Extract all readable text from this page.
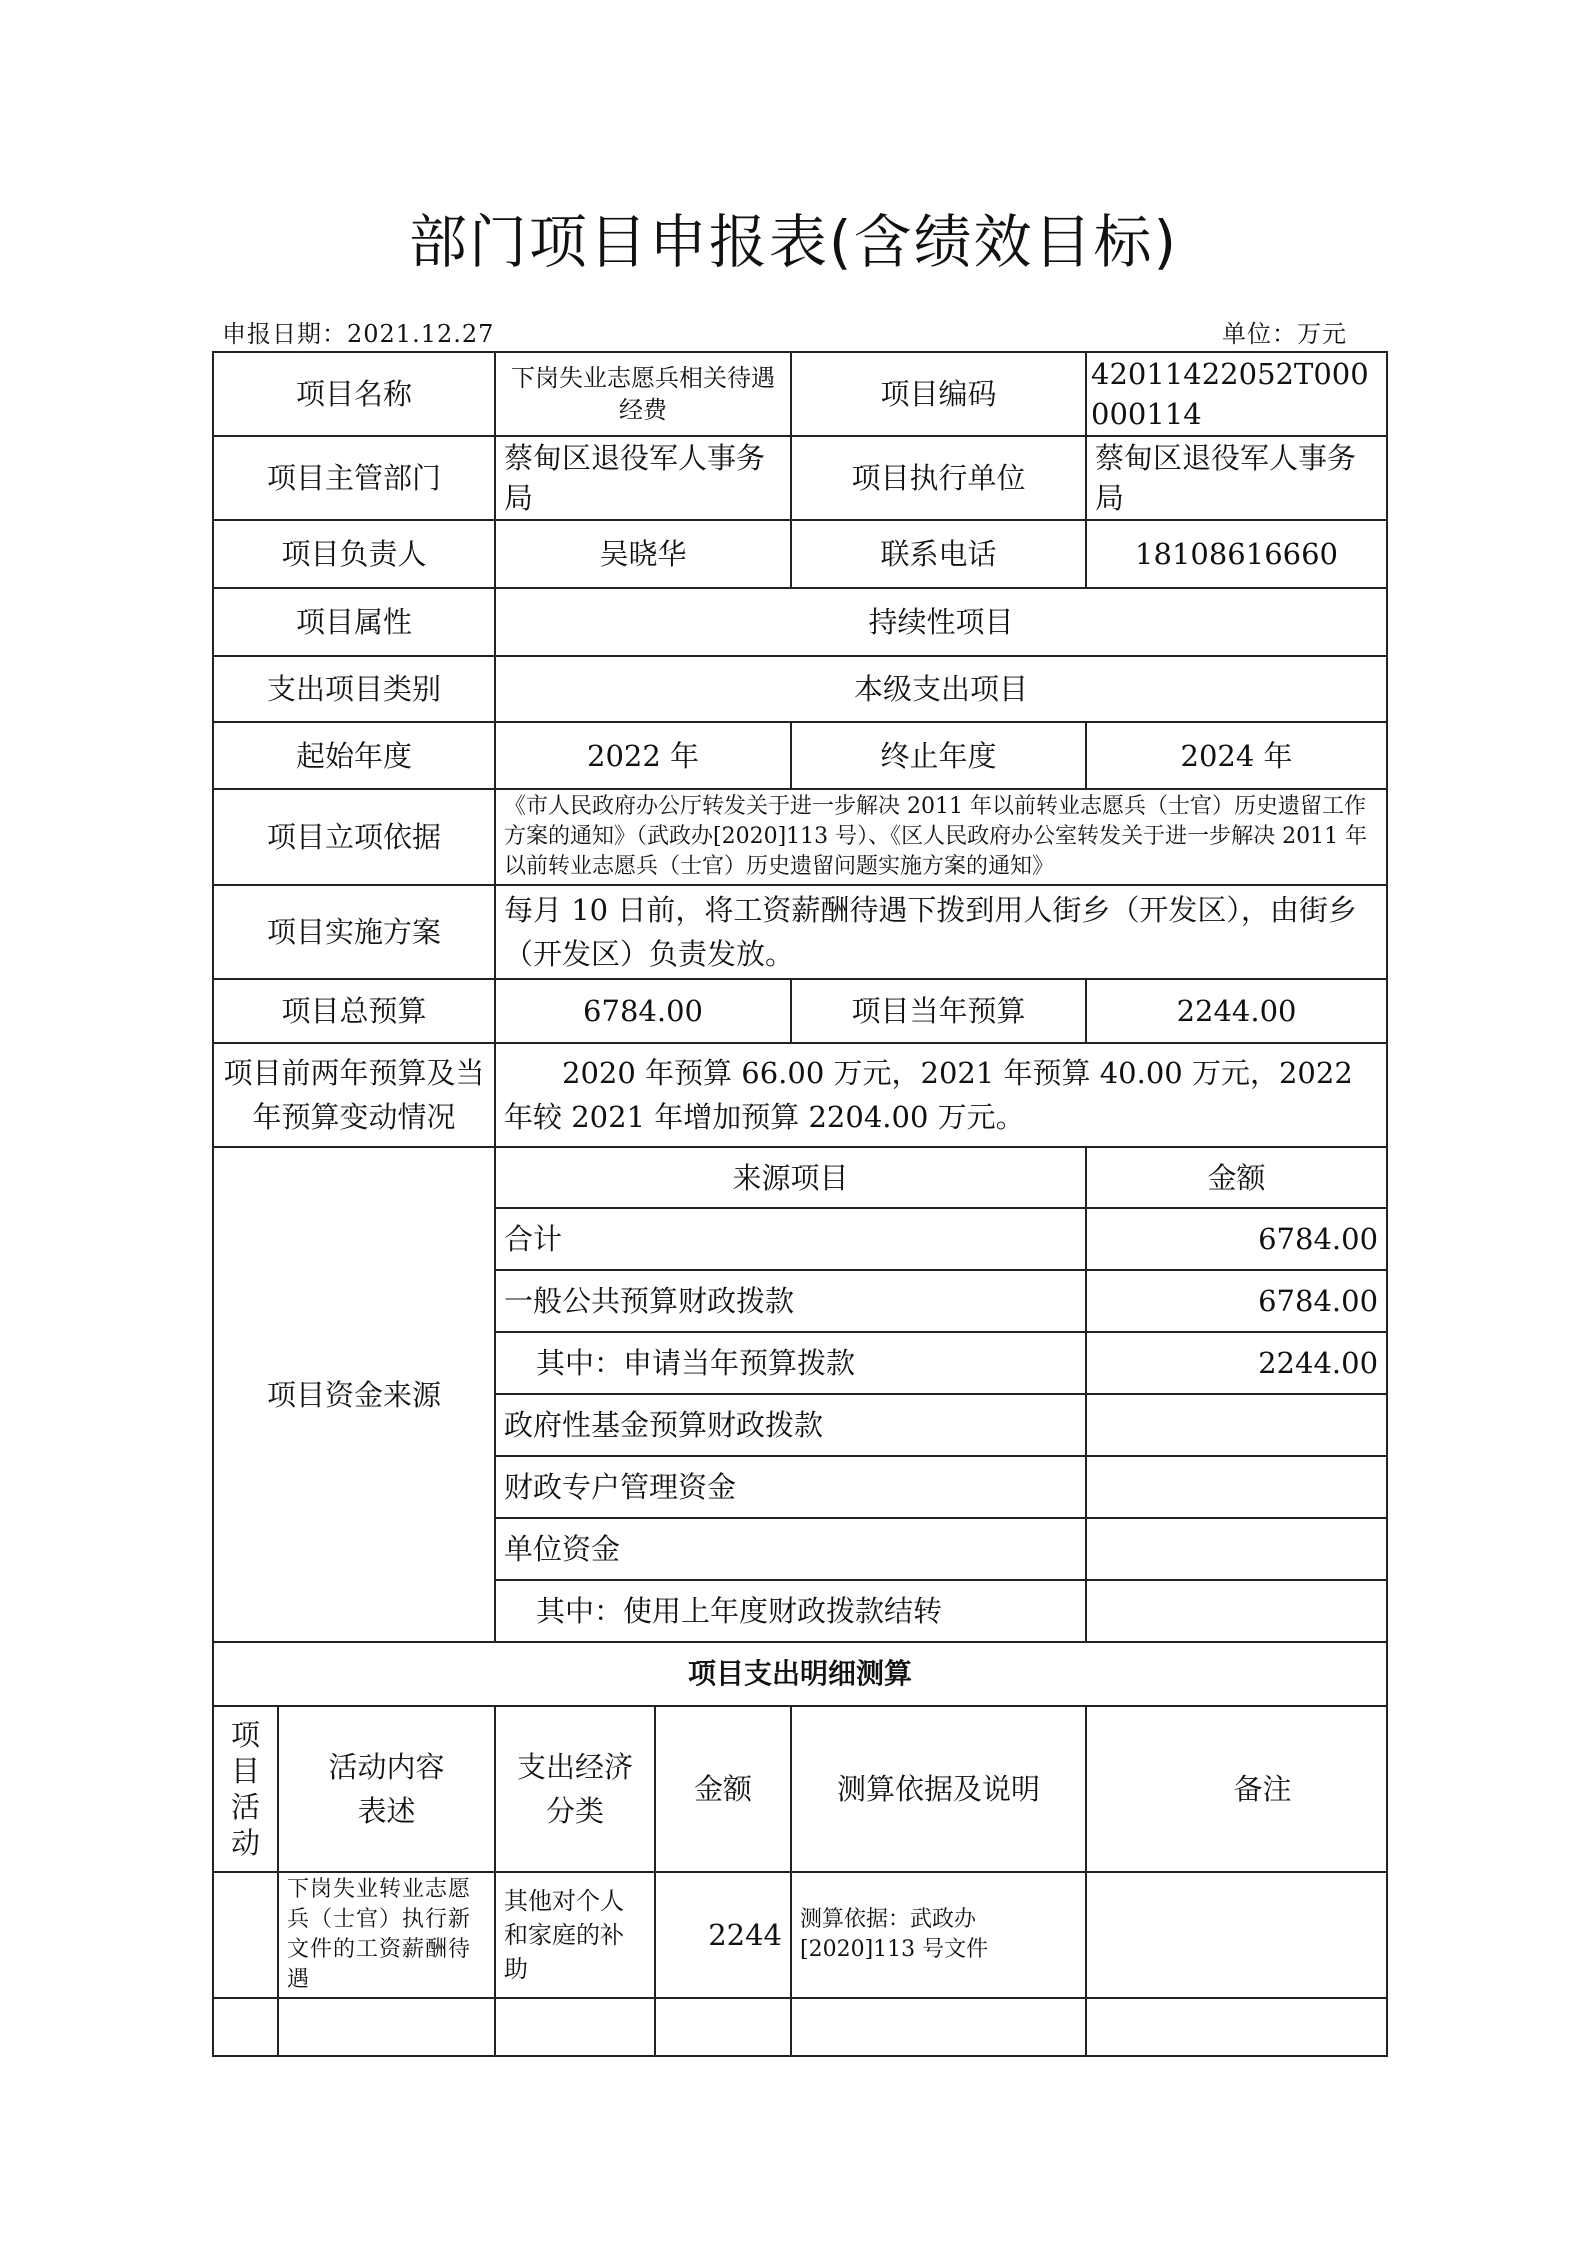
部门项目申报表(含绩效目标)
申报日期：2021.12.27	单位：万元
项目名称		下岗失业志愿兵相关待遇经费		项目编码	42011422052T000000114
项目主管部门		蔡甸区退役军人事务局		项目执行单位	蔡甸区退役军人事务局
项目负责人		吴晓华		联系电话	18108616660
项目属性		持续性项目			
支出项目类别		本级支出项目			
起始年度		2022 年		终止年度	2024 年
项目立项依据		《市人民政府办公厅转发关于进一步解决 2011 年以前转业志愿兵（士官）历史遗留工作方案的通知》（武政办[2020]113 号）、《区人民政府办公室转发关于进一步解决 2011 年以前转业志愿兵（士官）历史遗留问题实施方案的通知》			
项目实施方案		每月 10 日前，将工资薪酬待遇下拨到用人街乡（开发区），由街乡（开发区）负责发放。			
项目总预算		6784.00		项目当年预算	2244.00
项目前两年预算及当年预算变动情况		2020 年预算 66.00 万元，2021 年预算 40.00 万元，2022 年较 2021 年增加预算 2204.00 万元。			
项目资金来源		来源项目			金额
		合计			6784.00
		一般公共预算财政拨款			6784.00
		其中：申请当年预算拨款			2244.00
		政府性基金预算财政拨款			
		财政专户管理资金			
		单位资金			
		其中：使用上年度财政拨款结转			
项目支出明细测算					
项目活动	活动内容表述	支出经济分类	金额	测算依据及说明	备注
	下岗失业转业志愿兵（士官）执行新文件的工资薪酬待遇	其他对个人和家庭的补助	2244	测算依据：武政办[2020]113 号文件	
